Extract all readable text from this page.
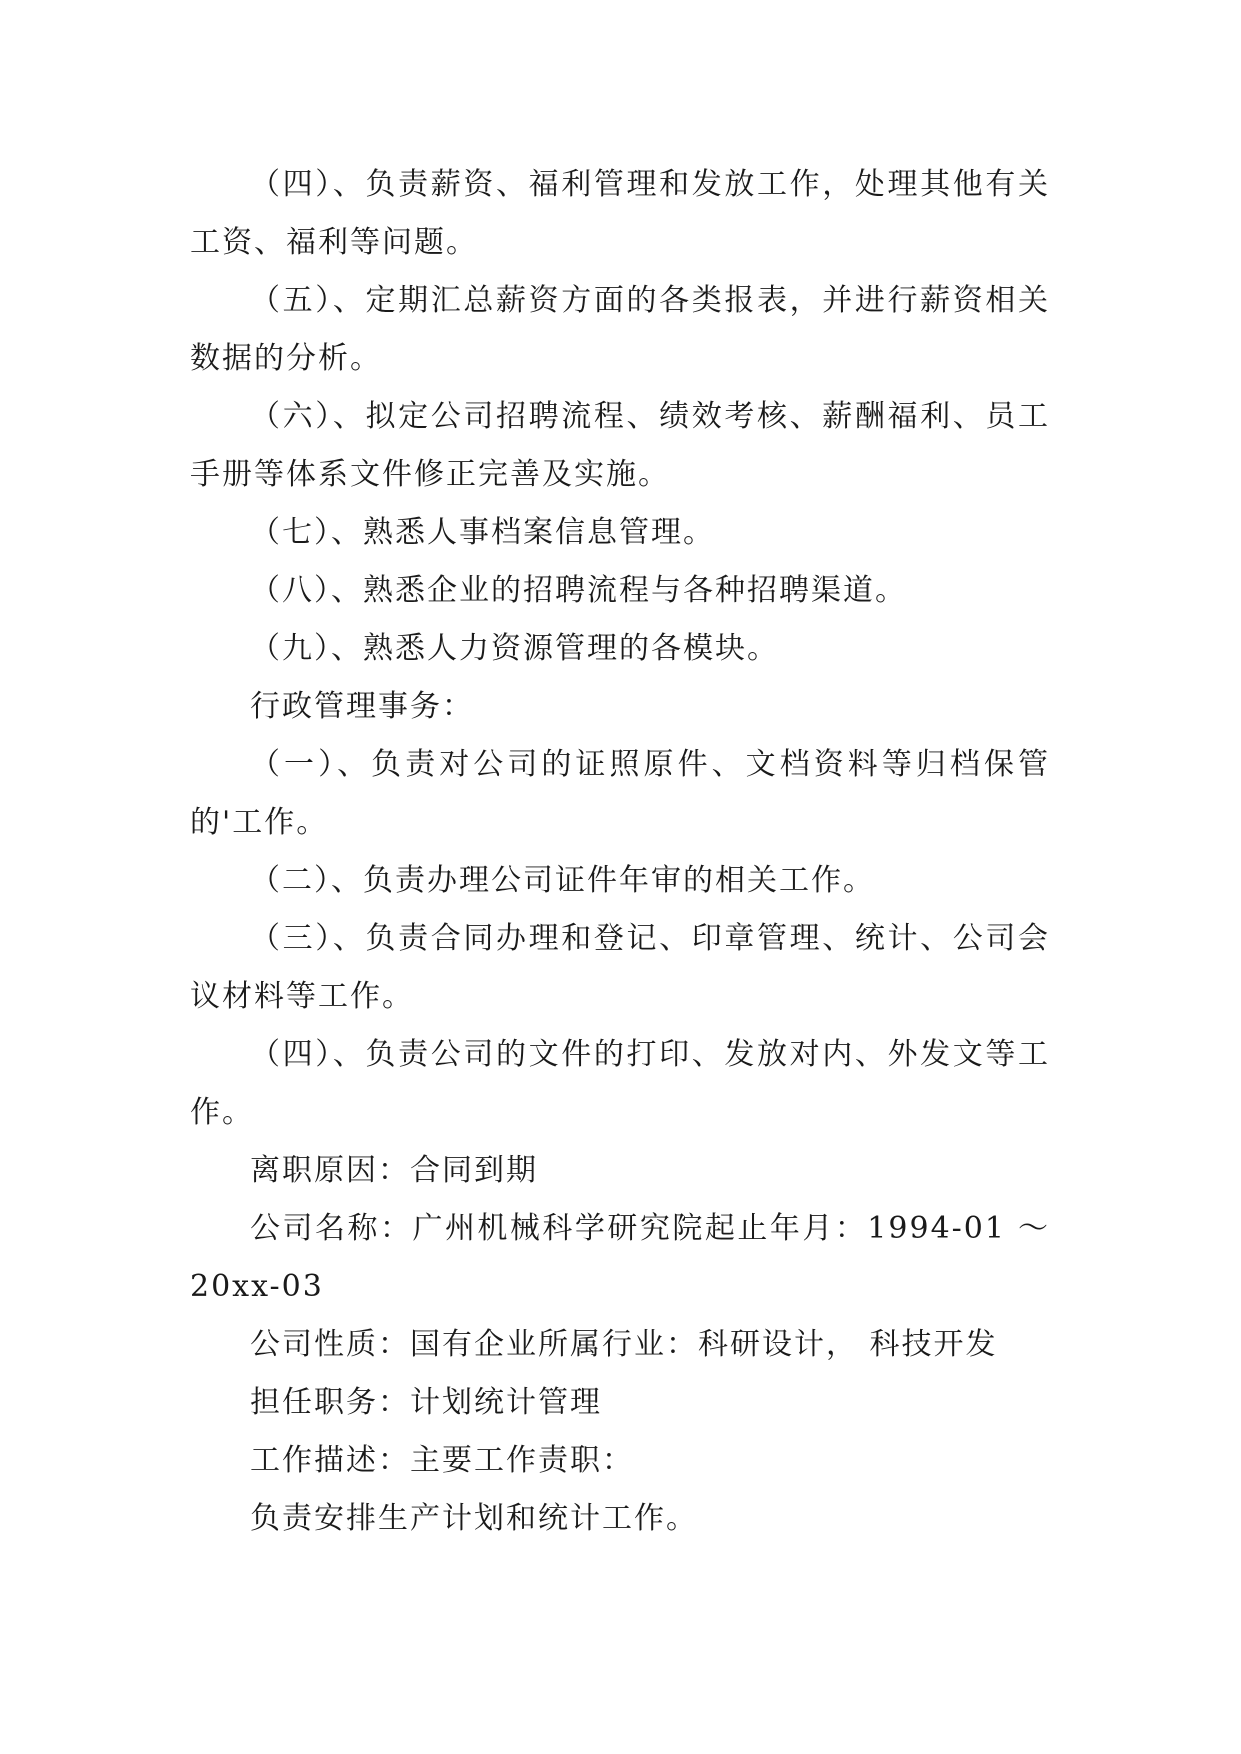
（四）、负责薪资、福利管理和发放工作，处理其他有关工资、福利等问题。

（五）、定期汇总薪资方面的各类报表，并进行薪资相关数据的分析。

（六）、拟定公司招聘流程、绩效考核、薪酬福利、员工手册等体系文件修正完善及实施。

（七）、熟悉人事档案信息管理。

（八）、熟悉企业的招聘流程与各种招聘渠道。

（九）、熟悉人力资源管理的各模块。

行政管理事务：

（一）、负责对公司的证照原件、文档资料等归档保管的'工作。

（二）、负责办理公司证件年审的相关工作。

（三）、负责合同办理和登记、印章管理、统计、公司会议材料等工作。

（四）、负责公司的文件的打印、发放对内、外发文等工作。

离职原因：合同到期

公司名称：广州机械科学研究院起止年月：1994-01 ～20xx-03

公司性质：国有企业所属行业：科研设计， 科技开发

担任职务：计划统计管理

工作描述：主要工作责职：

负责安排生产计划和统计工作。
